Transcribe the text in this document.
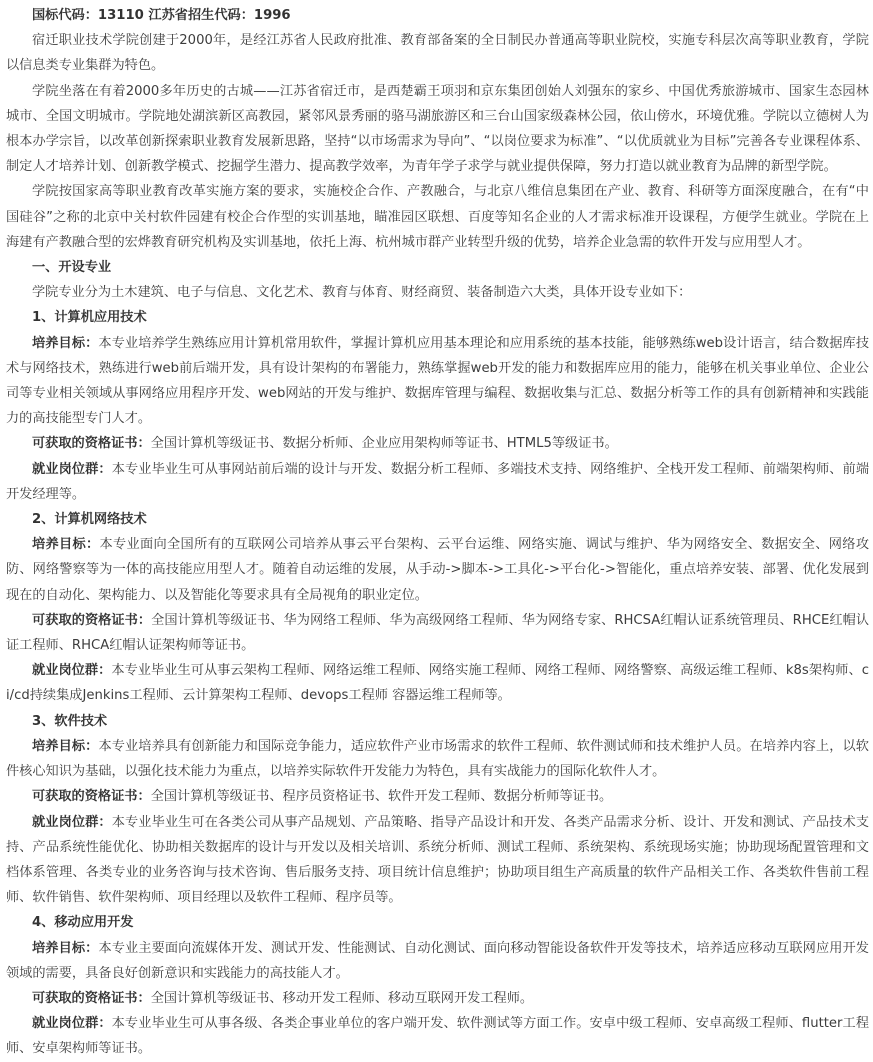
国标代码：13110 江苏省招生代码：1996

宿迁职业技术学院创建于2000年，是经江苏省人民政府批准、教育部备案的全日制民办普通高等职业院校，实施专科层次高等职业教育，学院以信息类专业集群为特色。

学院坐落在有着2000多年历史的古城——江苏省宿迁市，是西楚霸王项羽和京东集团创始人刘强东的家乡、中国优秀旅游城市、国家生态园林城市、全国文明城市。学院地处湖滨新区高教园，紧邻风景秀丽的骆马湖旅游区和三台山国家级森林公园，依山傍水，环境优雅。学院以立德树人为根本办学宗旨，以改革创新探索职业教育发展新思路，坚持“以市场需求为导向”、“以岗位要求为标准”、“以优质就业为目标”完善各专业课程体系、制定人才培养计划、创新教学模式、挖掘学生潜力、提高教学效率，为青年学子求学与就业提供保障，努力打造以就业教育为品牌的新型学院。

学院按国家高等职业教育改革实施方案的要求，实施校企合作、产教融合，与北京八维信息集团在产业、教育、科研等方面深度融合，在有“中国硅谷”之称的北京中关村软件园建有校企合作型的实训基地，瞄准园区联想、百度等知名企业的人才需求标准开设课程，方便学生就业。学院在上海建有产教融合型的宏烨教育研究机构及实训基地，依托上海、杭州城市群产业转型升级的优势，培养企业急需的软件开发与应用型人才。

一、开设专业

学院专业分为土木建筑、电子与信息、文化艺术、教育与体育、财经商贸、装备制造六大类，具体开设专业如下：

1、计算机应用技术

培养目标：本专业培养学生熟练应用计算机常用软件，掌握计算机应用基本理论和应用系统的基本技能，能够熟练web设计语言，结合数据库技术与网络技术，熟练进行web前后端开发，具有设计架构的布署能力，熟练掌握web开发的能力和数据库应用的能力，能够在机关事业单位、企业公司等专业相关领域从事网络应用程序开发、web网站的开发与维护、数据库管理与编程、数据收集与汇总、数据分析等工作的具有创新精神和实践能力的高技能型专门人才。

可获取的资格证书：全国计算机等级证书、数据分析师、企业应用架构师等证书、HTML5等级证书。

就业岗位群：本专业毕业生可从事网站前后端的设计与开发、数据分析工程师、多端技术支持、网络维护、全栈开发工程师、前端架构师、前端开发经理等。

2、计算机网络技术

培养目标：本专业面向全国所有的互联网公司培养从事云平台架构、云平台运维、网络实施、调试与维护、华为网络安全、数据安全、网络攻防、网络警察等为一体的高技能应用型人才。随着自动运维的发展，从手动->脚本->工具化->平台化->智能化，重点培养安装、部署、优化发展到现在的自动化、架构能力、以及智能化等要求具有全局视角的职业定位。

可获取的资格证书：全国计算机等级证书、华为网络工程师、华为高级网络工程师、华为网络专家、RHCSA红帽认证系统管理员、RHCE红帽认证工程师、RHCA红帽认证架构师等证书。

就业岗位群：本专业毕业生可从事云架构工程师、网络运维工程师、网络实施工程师、网络工程师、网络警察、高级运维工程师、k8s架构师、ci/cd持续集成Jenkins工程师、云计算架构工程师、devops工程师 容器运维工程师等。

3、软件技术

培养目标：本专业培养具有创新能力和国际竞争能力，适应软件产业市场需求的软件工程师、软件测试师和技术维护人员。在培养内容上，以软件核心知识为基础，以强化技术能力为重点，以培养实际软件开发能力为特色，具有实战能力的国际化软件人才。

可获取的资格证书：全国计算机等级证书、程序员资格证书、软件开发工程师、数据分析师等证书。

就业岗位群：本专业毕业生可在各类公司从事产品规划、产品策略、指导产品设计和开发、各类产品需求分析、设计、开发和测试、产品技术支持、产品系统性能优化、协助相关数据库的设计与开发以及相关培训、系统分析师、测试工程师、系统架构、系统现场实施；协助现场配置管理和文档体系管理、各类专业的业务咨询与技术咨询、售后服务支持、项目统计信息维护；协助项目组生产高质量的软件产品相关工作、各类软件售前工程师、软件销售、软件架构师、项目经理以及软件工程师、程序员等。

4、移动应用开发

培养目标：本专业主要面向流媒体开发、测试开发、性能测试、自动化测试、面向移动智能设备软件开发等技术，培养适应移动互联网应用开发领域的需要，具备良好创新意识和实践能力的高技能人才。

可获取的资格证书：全国计算机等级证书、移动开发工程师、移动互联网开发工程师。

就业岗位群：本专业毕业生可从事各级、各类企事业单位的客户端开发、软件测试等方面工作。安卓中级工程师、安卓高级工程师、flutter工程师、安卓架构师等证书。
